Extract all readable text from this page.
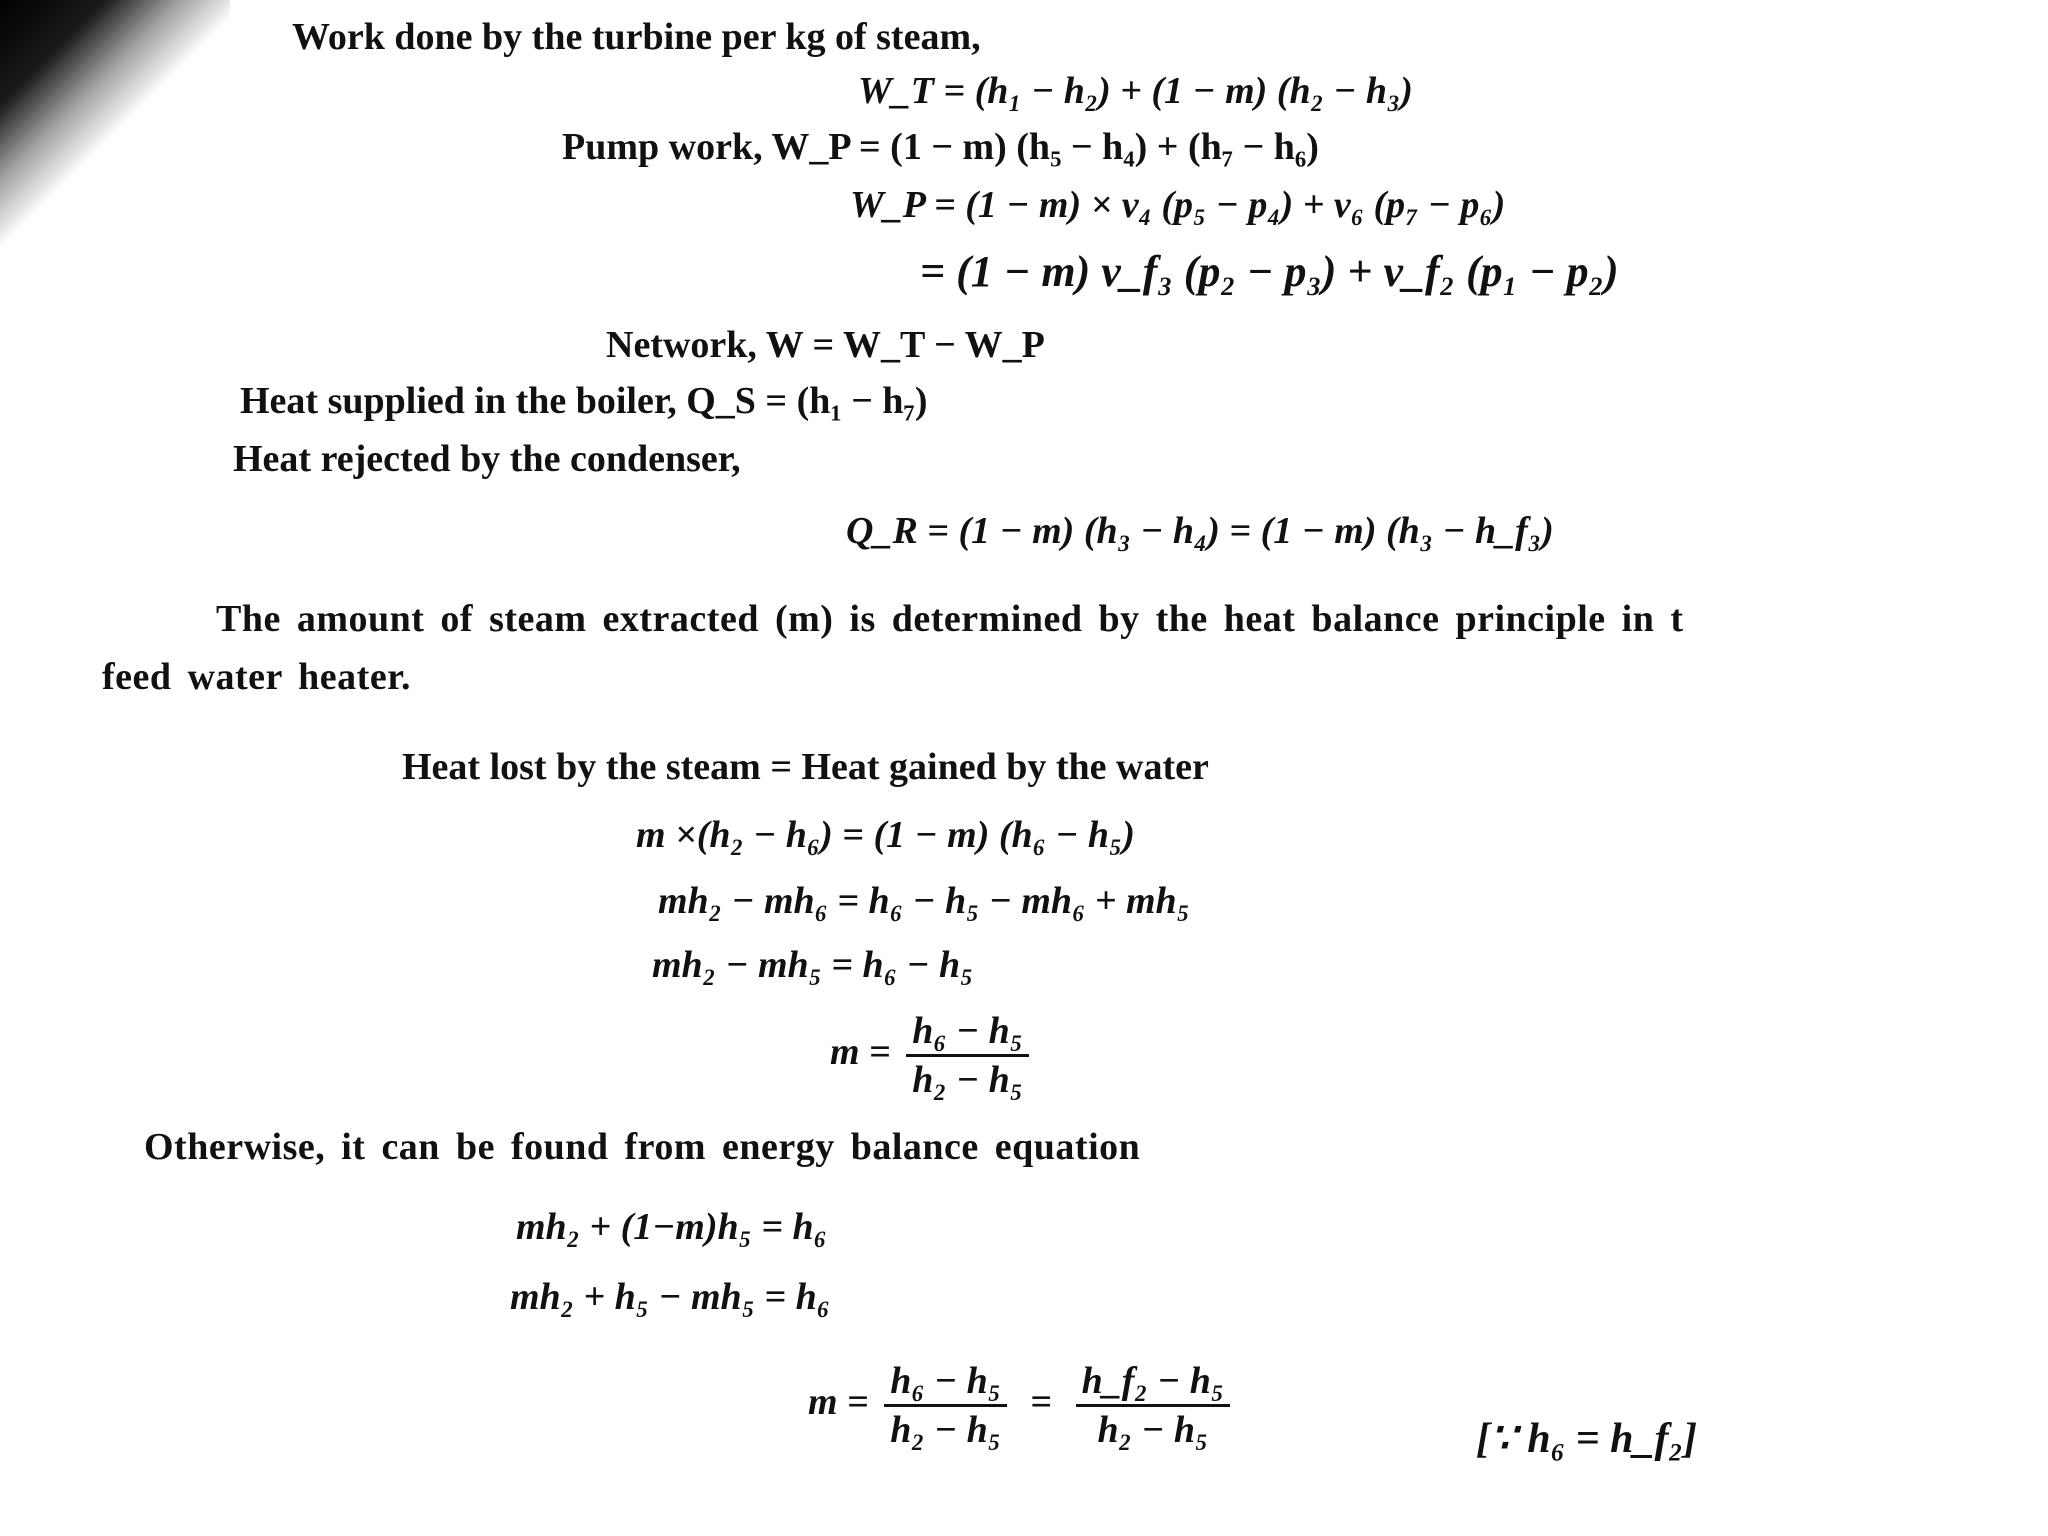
Work done by the turbine per kg of steam,
W_T = (h₁ − h₂) + (1 − m) (h₂ − h₃)
Pump work, W_P = (1 − m) (h₅ − h₄) + (h₇ − h₆)
W_P = (1 − m) × v₄ (p₅ − p₄) + v₆ (p₇ − p₆)
= (1 − m) v_f₃ (p₂ − p₃) + v_f₂ (p₁ − p₂)
Network, W = W_T − W_P
Heat supplied in the boiler, Q_S = (h₁ − h₇)
Heat rejected by the condenser,
Q_R = (1 − m) (h₃ − h₄) = (1 − m) (h₃ − h_f₃)
The amount of steam extracted (m) is determined by the heat balance principle in t
feed water heater.
Heat lost by the steam = Heat gained by the water
m ×(h₂ − h₆) = (1 − m) (h₆ − h₅)
mh₂ − mh₆ = h₆ − h₅ − mh₆ + mh₅
mh₂ − mh₅ = h₆ − h₅
$m = \frac{\text{h₆ − h₅}}{\text{h₂ − h₅}}$
Otherwise, it can be found from energy balance equation
mh₂ + (1−m)h₅ = h₆
mh₂ + h₅ − mh₅ = h₆
$m = \frac{\text{h₆ − h₅}}{\text{h₂ − h₅}} = \frac{\text{h\_f₂ − h₅}}{\text{h₂ − h₅}}$	[∵ h₆ = h_f₂]
